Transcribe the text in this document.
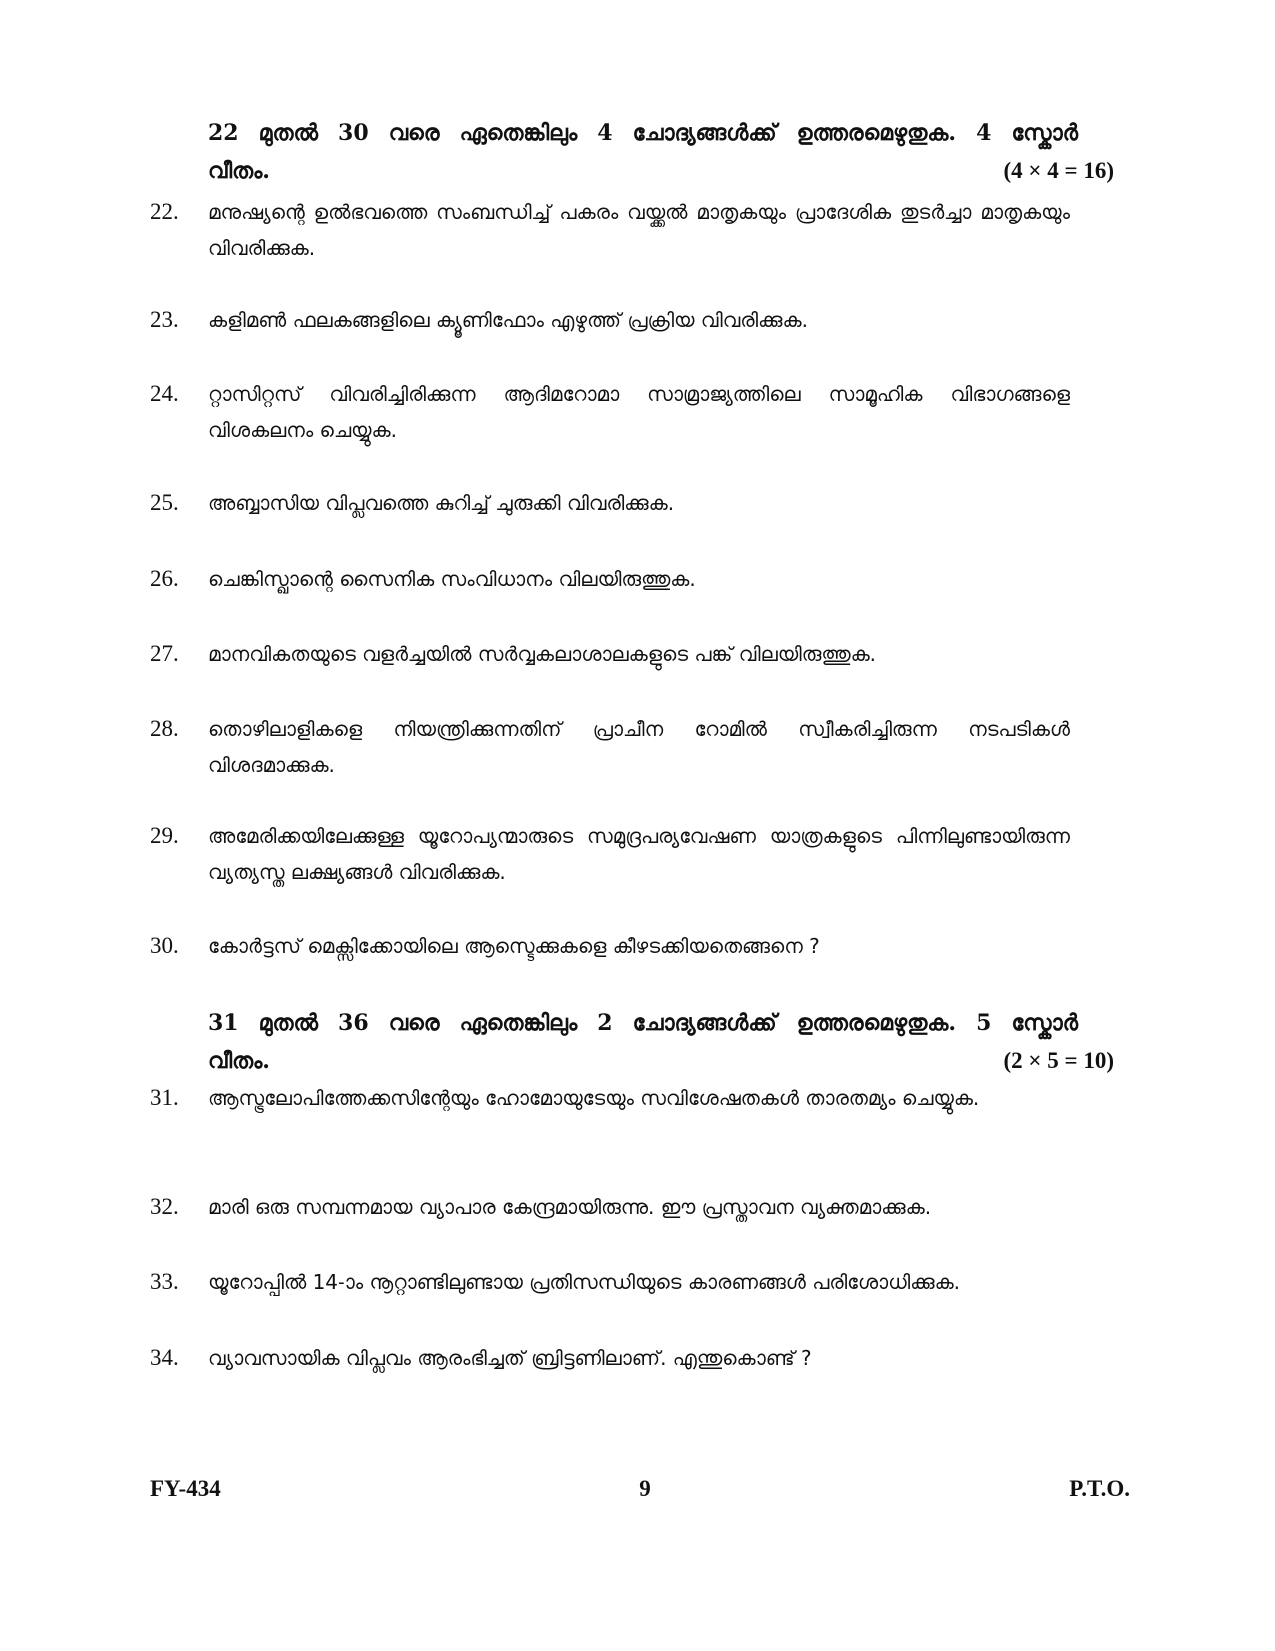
22 മുതൽ 30 വരെ ഏതെങ്കിലും 4 ചോദ്യങ്ങൾക്ക് ഉത്തരമെഴുതുക. 4 സ്കോർ
വീതം.	(4 × 4 = 16)
22.	മനുഷ്യന്റെ ഉൽഭവത്തെ സംബന്ധിച്ച് പകരം വയ്ക്കൽ മാതൃകയും പ്രാദേശിക തുടർച്ചാ മാതൃകയും വിവരിക്കുക.
23.	കളിമൺ ഫലകങ്ങളിലെ ക്യൂണിഫോം എഴുത്ത് പ്രക്രിയ വിവരിക്കുക.
24.	റ്റാസിറ്റസ് വിവരിച്ചിരിക്കുന്ന ആദിമറോമാ സാമ്രാജ്യത്തിലെ സാമൂഹിക വിഭാഗങ്ങളെ വിശകലനം ചെയ്യുക.
25.	അബ്ബാസിയ വിപ്ലവത്തെ കുറിച്ച് ചുരുക്കി വിവരിക്കുക.
26.	ചെങ്കിസ്ഖാന്റെ സൈനിക സംവിധാനം വിലയിരുത്തുക.
27.	മാനവികതയുടെ വളർച്ചയിൽ സർവ്വകലാശാലകളുടെ പങ്ക് വിലയിരുത്തുക.
28.	തൊഴിലാളികളെ നിയന്ത്രിക്കുന്നതിന് പ്രാചീന റോമിൽ സ്വീകരിച്ചിരുന്ന നടപടികൾ വിശദമാക്കുക.
29.	അമേരിക്കയിലേക്കുള്ള യൂറോപ്യന്മാരുടെ സമുദ്രപര്യവേഷണ യാത്രകളുടെ പിന്നിലുണ്ടായിരുന്ന വ്യത്യസ്ത ലക്ഷ്യങ്ങൾ വിവരിക്കുക.
30.	കോർട്ടസ് മെക്സിക്കോയിലെ ആസ്ടെക്കുകളെ കീഴടക്കിയതെങ്ങനെ ?
31 മുതൽ 36 വരെ ഏതെങ്കിലും 2 ചോദ്യങ്ങൾക്ക് ഉത്തരമെഴുതുക. 5 സ്കോർ
വീതം.	(2 × 5 = 10)
31.	ആസ്ട്രലോപിത്തേക്കസിന്റേയും ഹോമോയുടേയും സവിശേഷതകൾ താരതമ്യം ചെയ്യുക.
32.	മാരി ഒരു സമ്പന്നമായ വ്യാപാര കേന്ദ്രമായിരുന്നു. ഈ പ്രസ്താവന വ്യക്തമാക്കുക.
33.	യൂറോപ്പിൽ 14-ാം നൂറ്റാണ്ടിലുണ്ടായ പ്രതിസന്ധിയുടെ കാരണങ്ങൾ പരിശോധിക്കുക.
34.	വ്യാവസായിക വിപ്ലവം ആരംഭിച്ചത് ബ്രിട്ടണിലാണ്. എന്തുകൊണ്ട് ?
FY-434	9	P.T.O.
